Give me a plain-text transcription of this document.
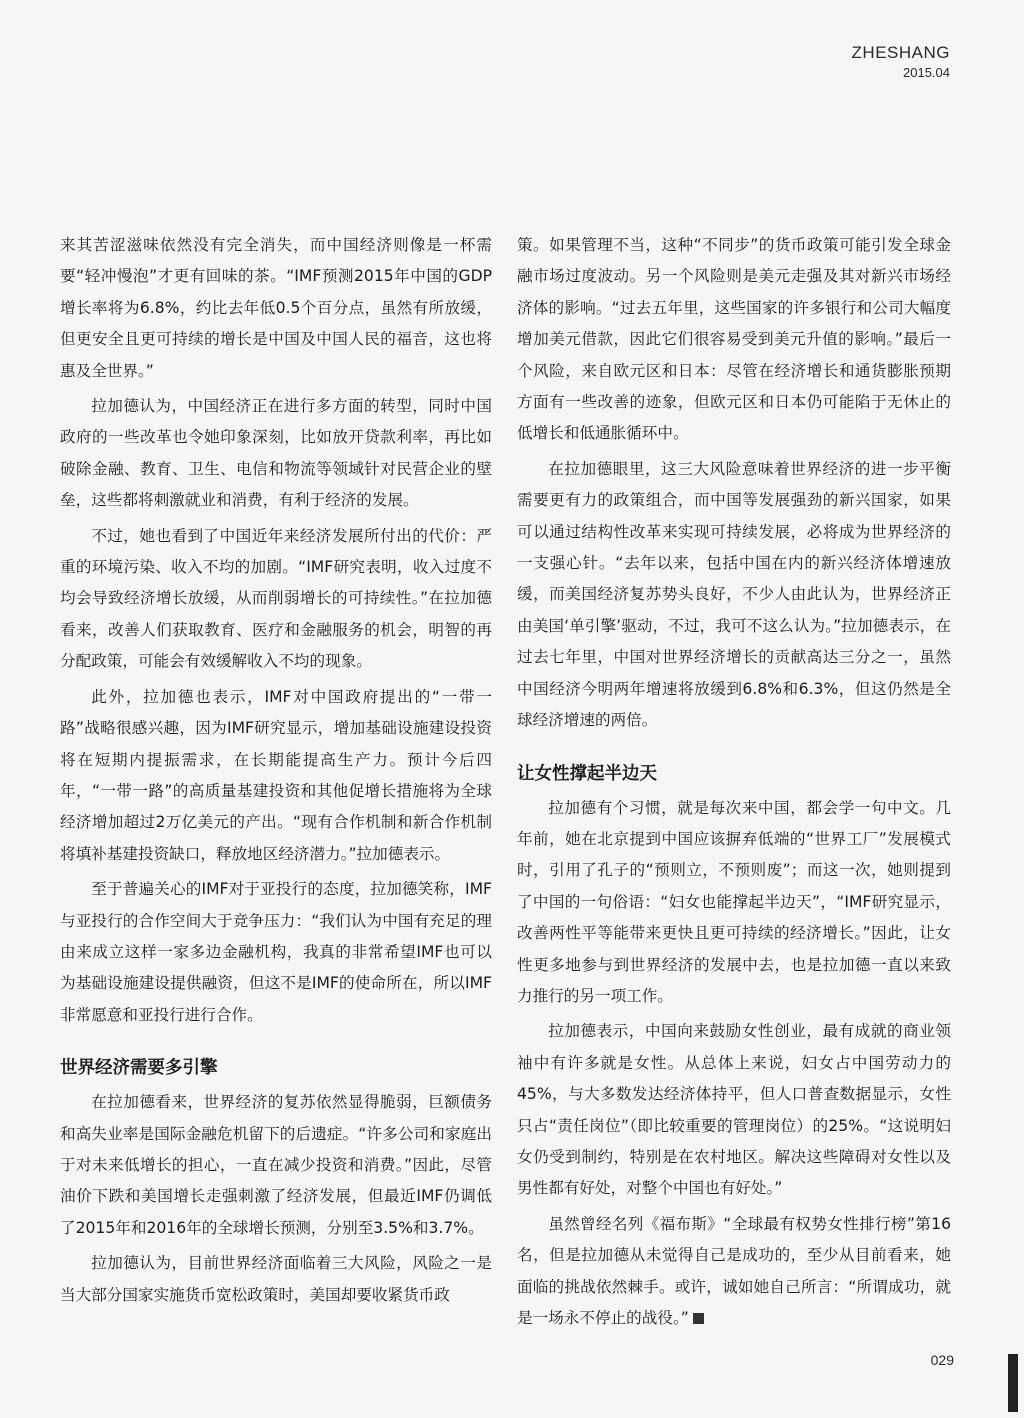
ZHESHANG
2015.04

来其苦涩滋味依然没有完全消失，而中国经济则像是一杯需要“轻冲慢泡”才更有回味的茶。“IMF预测2015年中国的GDP增长率将为6.8%，约比去年低0.5个百分点，虽然有所放缓，但更安全且更可持续的增长是中国及中国人民的福音，这也将惠及全世界。”

拉加德认为，中国经济正在进行多方面的转型，同时中国政府的一些改革也令她印象深刻，比如放开贷款利率，再比如破除金融、教育、卫生、电信和物流等领域针对民营企业的壁垒，这些都将刺激就业和消费，有利于经济的发展。

不过，她也看到了中国近年来经济发展所付出的代价：严重的环境污染、收入不均的加剧。“IMF研究表明，收入过度不均会导致经济增长放缓，从而削弱增长的可持续性。”在拉加德看来，改善人们获取教育、医疗和金融服务的机会，明智的再分配政策，可能会有效缓解收入不均的现象。

此外，拉加德也表示，IMF对中国政府提出的“一带一路”战略很感兴趣，因为IMF研究显示，增加基础设施建设投资将在短期内提振需求，在长期能提高生产力。预计今后四年，“一带一路”的高质量基建投资和其他促增长措施将为全球经济增加超过2万亿美元的产出。“现有合作机制和新合作机制将填补基建投资缺口，释放地区经济潜力。”拉加德表示。

至于普遍关心的IMF对于亚投行的态度，拉加德笑称，IMF与亚投行的合作空间大于竞争压力：“我们认为中国有充足的理由来成立这样一家多边金融机构，我真的非常希望IMF也可以为基础设施建设提供融资，但这不是IMF的使命所在，所以IMF非常愿意和亚投行进行合作。

世界经济需要多引擎

在拉加德看来，世界经济的复苏依然显得脆弱，巨额债务和高失业率是国际金融危机留下的后遗症。“许多公司和家庭出于对未来低增长的担心，一直在减少投资和消费。”因此，尽管油价下跌和美国增长走强刺激了经济发展，但最近IMF仍调低了2015年和2016年的全球增长预测，分别至3.5%和3.7%。

拉加德认为，目前世界经济面临着三大风险，风险之一是当大部分国家实施货币宽松政策时，美国却要收紧货币政

策。如果管理不当，这种“不同步”的货币政策可能引发全球金融市场过度波动。另一个风险则是美元走强及其对新兴市场经济体的影响。“过去五年里，这些国家的许多银行和公司大幅度增加美元借款，因此它们很容易受到美元升值的影响。”最后一个风险，来自欧元区和日本：尽管在经济增长和通货膨胀预期方面有一些改善的迹象，但欧元区和日本仍可能陷于无休止的低增长和低通胀循环中。

在拉加德眼里，这三大风险意味着世界经济的进一步平衡需要更有力的政策组合，而中国等发展强劲的新兴国家，如果可以通过结构性改革来实现可持续发展，必将成为世界经济的一支强心针。“去年以来，包括中国在内的新兴经济体增速放缓，而美国经济复苏势头良好，不少人由此认为，世界经济正由美国‘单引擎’驱动，不过，我可不这么认为。”拉加德表示，在过去七年里，中国对世界经济增长的贡献高达三分之一，虽然中国经济今明两年增速将放缓到6.8%和6.3%，但这仍然是全球经济增速的两倍。

让女性撑起半边天

拉加德有个习惯，就是每次来中国，都会学一句中文。几年前，她在北京提到中国应该摒弃低端的“世界工厂”发展模式时，引用了孔子的“预则立，不预则废”；而这一次，她则提到了中国的一句俗语：“妇女也能撑起半边天”，“IMF研究显示，改善两性平等能带来更快且更可持续的经济增长。”因此，让女性更多地参与到世界经济的发展中去，也是拉加德一直以来致力推行的另一项工作。

拉加德表示，中国向来鼓励女性创业，最有成就的商业领袖中有许多就是女性。从总体上来说，妇女占中国劳动力的45%，与大多数发达经济体持平，但人口普查数据显示，女性只占“责任岗位”（即比较重要的管理岗位）的25%。“这说明妇女仍受到制约，特别是在农村地区。解决这些障碍对女性以及男性都有好处，对整个中国也有好处。”

虽然曾经名列《福布斯》“全球最有权势女性排行榜”第16名，但是拉加德从未觉得自己是成功的，至少从目前看来，她面临的挑战依然棘手。或许，诚如她自己所言：“所谓成功，就是一场永不停止的战役。”

029
